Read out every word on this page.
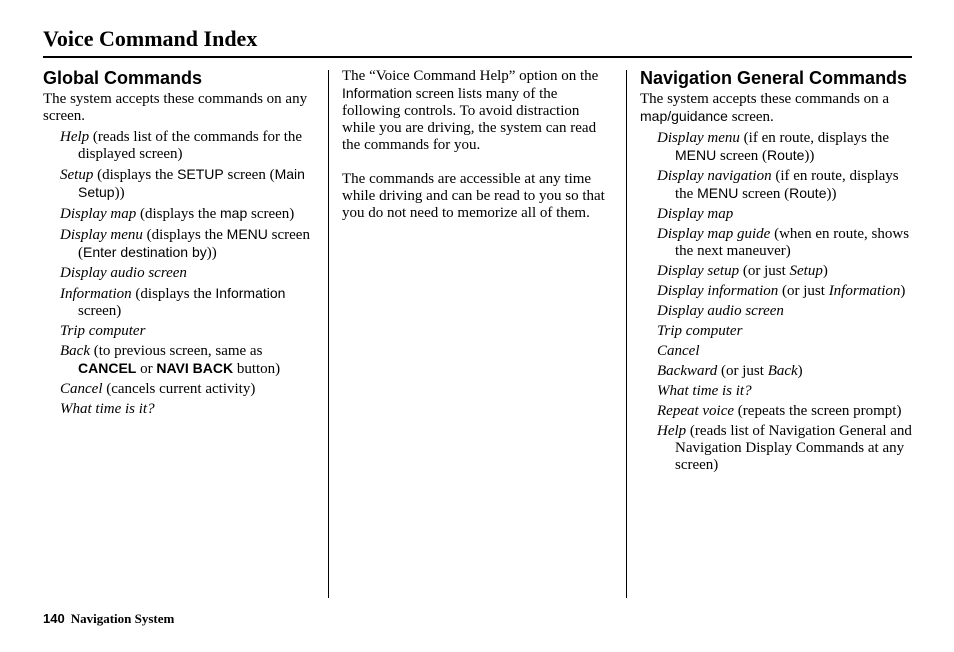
Voice Command Index
Global Commands

The system accepts these commands on any screen.

Help (reads list of the commands for the displayed screen)

Setup (displays the SETUP screen (Main Setup))

Display map (displays the map screen)

Display menu (displays the MENU screen (Enter destination by))

Display audio screen

Information (displays the Information screen)

Trip computer

Back (to previous screen, same as CANCEL or NAVI BACK button)

Cancel (cancels current activity)

What time is it?

The “Voice Command Help” option on the Information screen lists many of the following controls. To avoid distraction while you are driving, the system can read the commands for you.

The commands are accessible at any time while driving and can be read to you so that you do not need to memorize all of them.

Navigation General Commands

The system accepts these commands on a map/guidance screen.

Display menu (if en route, displays the MENU screen (Route))

Display navigation (if en route, displays the MENU screen (Route))

Display map

Display map guide (when en route, shows the next maneuver)

Display setup (or just Setup)

Display information (or just Information)

Display audio screen

Trip computer

Cancel

Backward (or just Back)

What time is it?

Repeat voice (repeats the screen prompt)

Help (reads list of Navigation General and Navigation Display Commands at any screen)

140 Navigation System
